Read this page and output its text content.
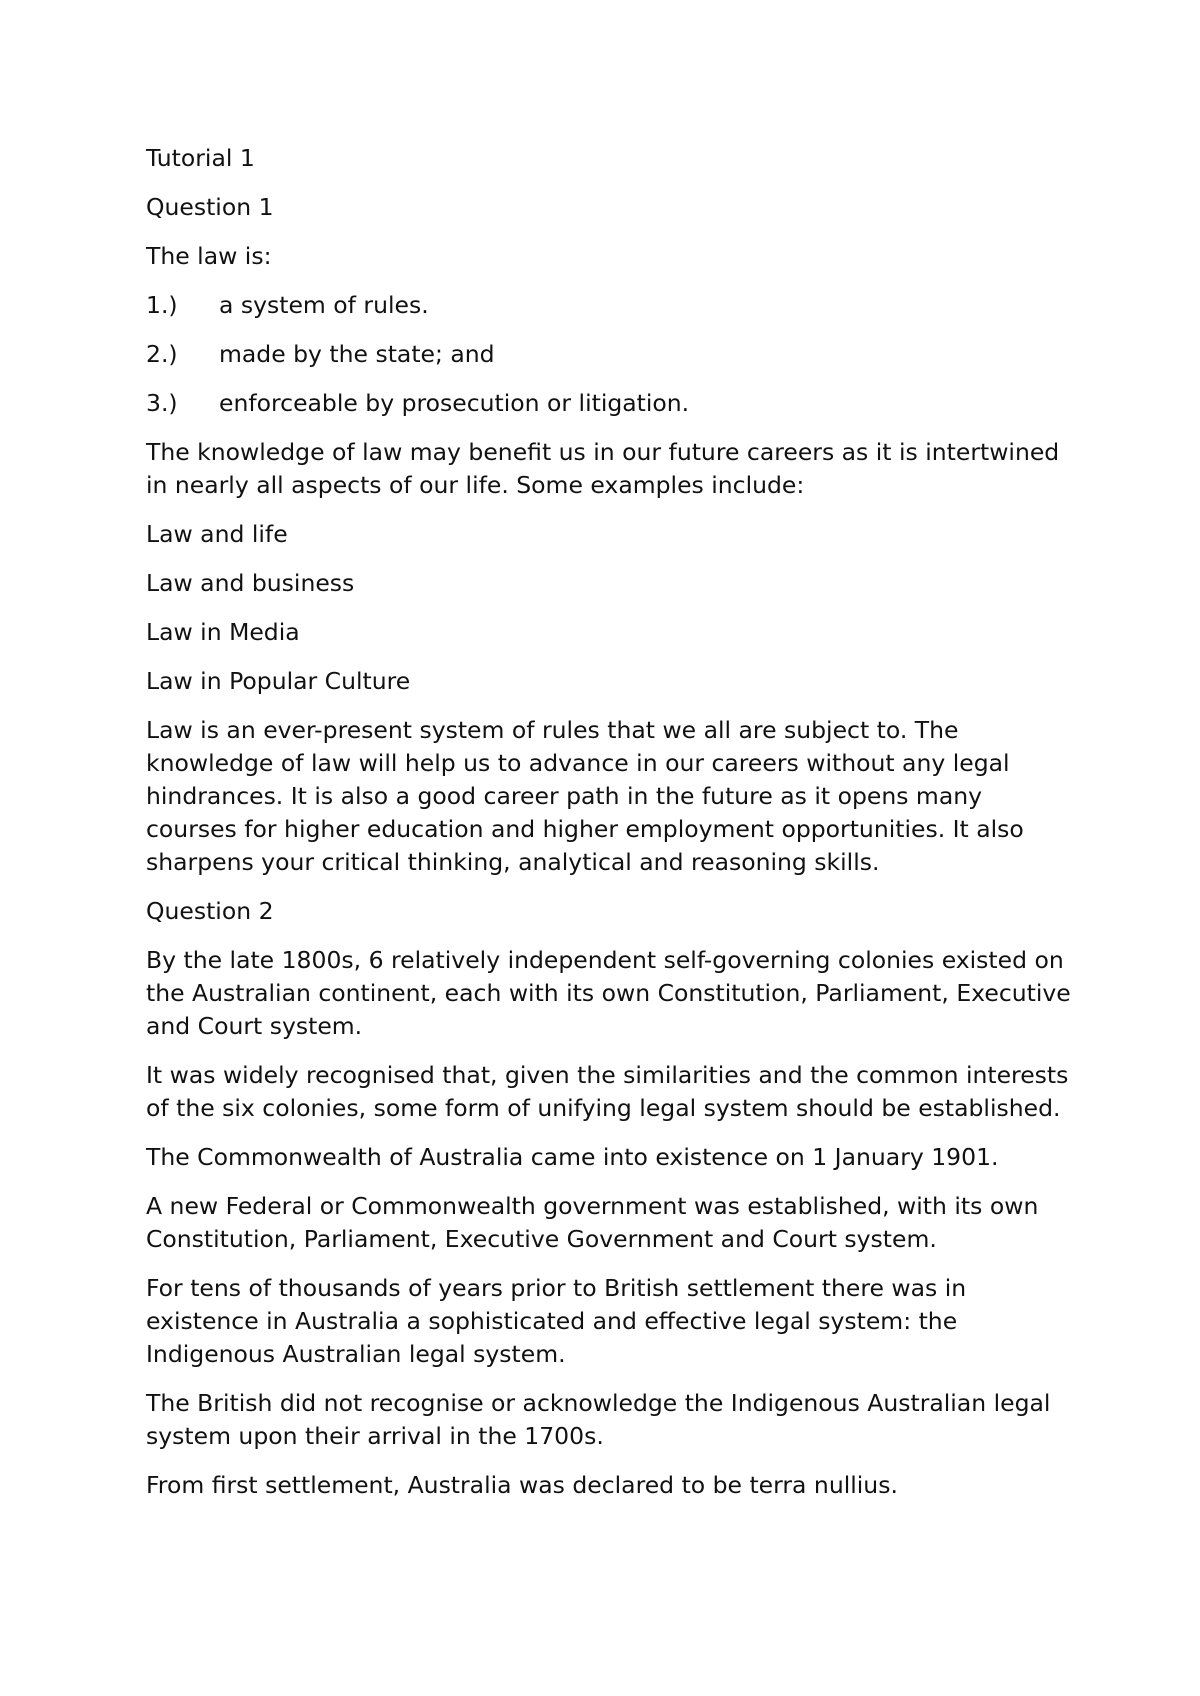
Tutorial 1

Question 1

The law is:

1.)	a system of rules.
2.)	made by the state; and
3.)	enforceable by prosecution or litigation.

The knowledge of law may benefit us in our future careers as it is intertwined in nearly all aspects of our life. Some examples include:

Law and life

Law and business

Law in Media

Law in Popular Culture

Law is an ever-present system of rules that we all are subject to. The knowledge of law will help us to advance in our careers without any legal hindrances. It is also a good career path in the future as it opens many courses for higher education and higher employment opportunities. It also sharpens your critical thinking, analytical and reasoning skills.

Question 2

By the late 1800s, 6 relatively independent self-governing colonies existed on the Australian continent, each with its own Constitution, Parliament, Executive and Court system.

It was widely recognised that, given the similarities and the common interests of the six colonies, some form of unifying legal system should be established.

The Commonwealth of Australia came into existence on 1 January 1901.

A new Federal or Commonwealth government was established, with its own Constitution, Parliament, Executive Government and Court system.

For tens of thousands of years prior to British settlement there was in existence in Australia a sophisticated and effective legal system: the Indigenous Australian legal system.

The British did not recognise or acknowledge the Indigenous Australian legal system upon their arrival in the 1700s.

From first settlement, Australia was declared to be terra nullius.
